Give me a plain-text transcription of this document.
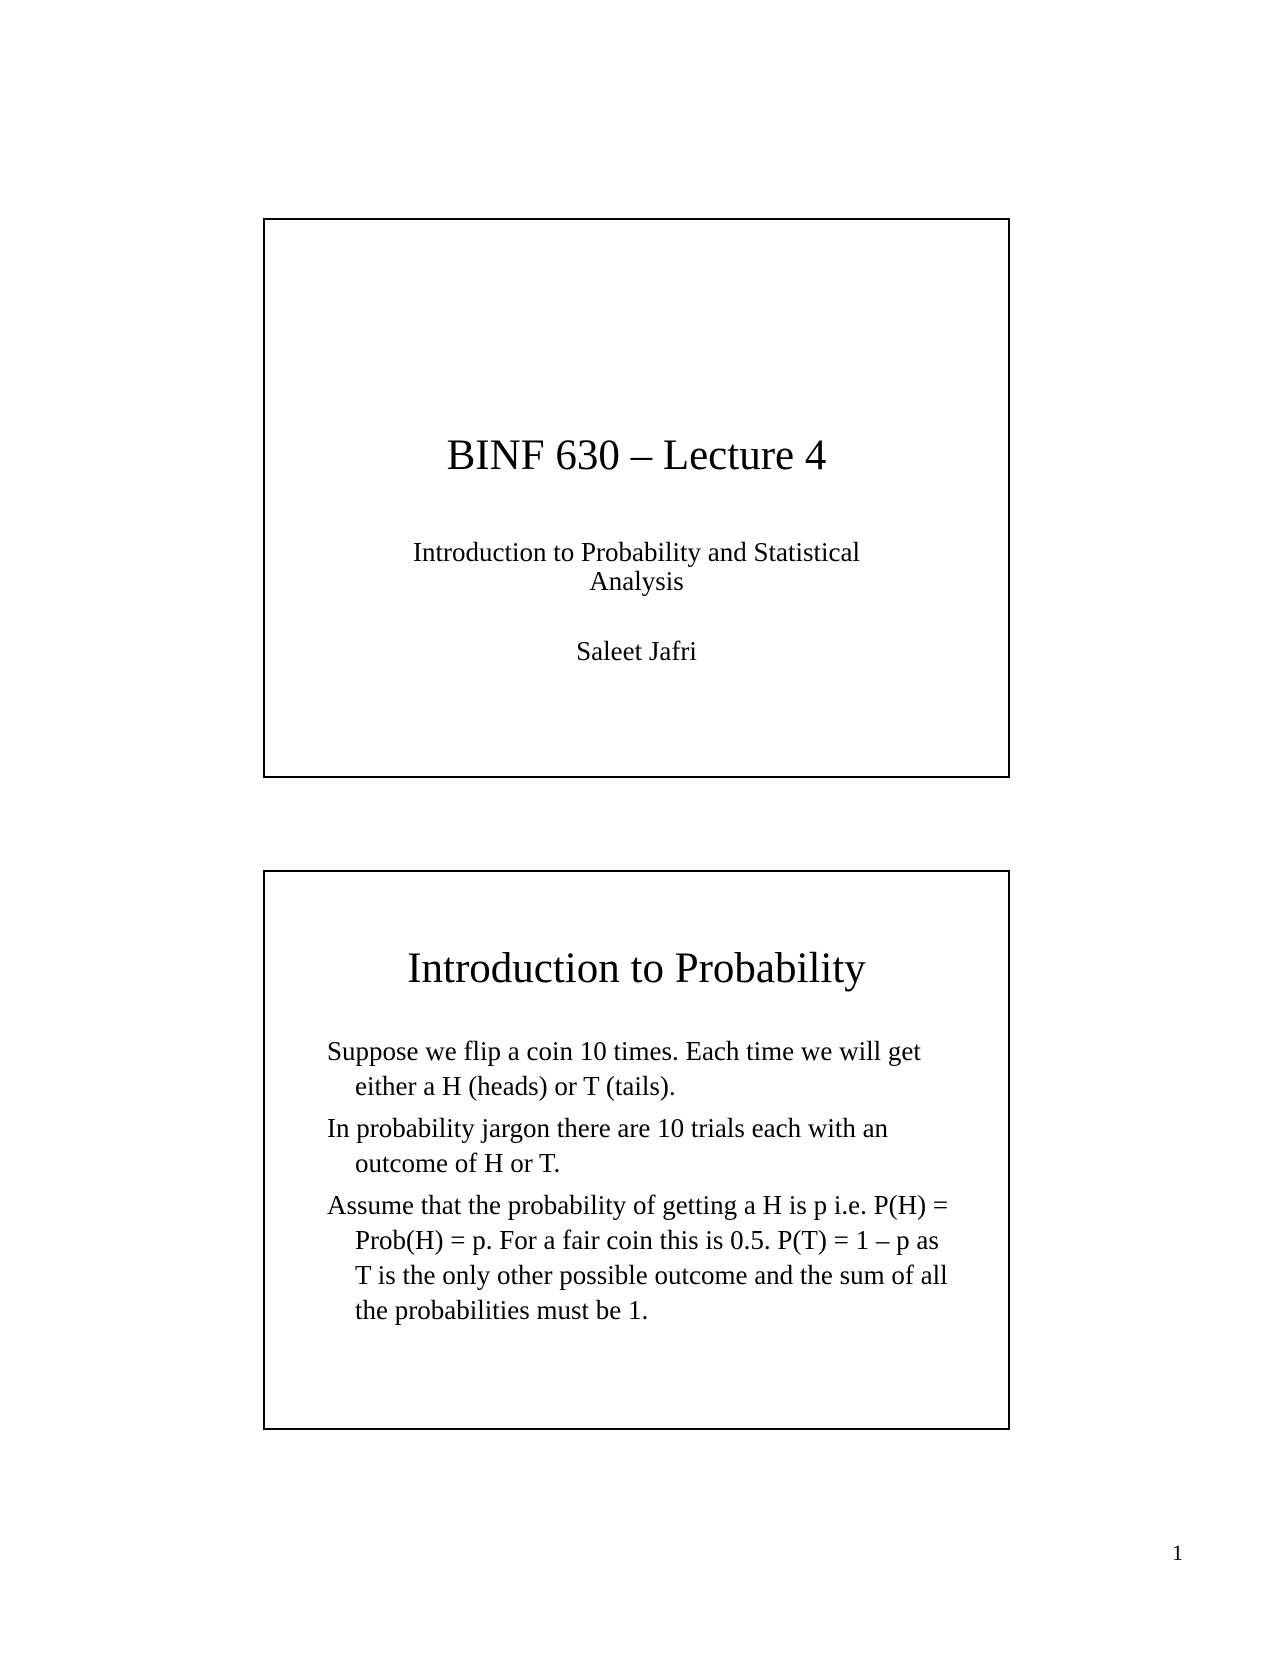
BINF 630 – Lecture 4
Introduction to Probability and Statistical
Analysis
Saleet Jafri
Introduction to Probability
Suppose we flip a coin 10 times. Each time we will get either a H (heads) or T (tails).
In probability jargon there are 10 trials each with an outcome of H or T.
Assume that the probability of getting a H is p i.e. P(H) = Prob(H) = p. For a fair coin this is 0.5. P(T) = 1 – p as T is the only other possible outcome and the sum of all the probabilities must be 1.
1
